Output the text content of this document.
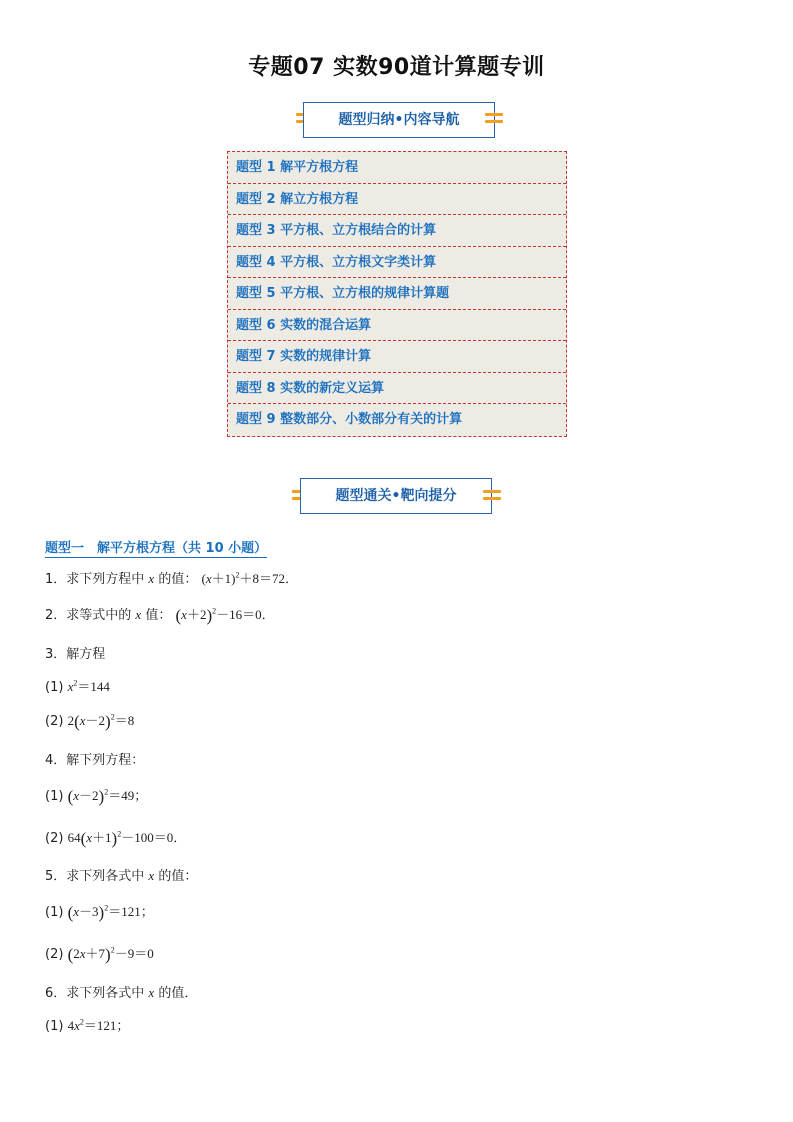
专题07 实数90道计算题专训
题型归纳•内容导航
题型 1 解平方根方程
题型 2 解立方根方程
题型 3 平方根、立方根结合的计算
题型 4 平方根、立方根文字类计算
题型 5 平方根、立方根的规律计算题
题型 6 实数的混合运算
题型 7 实数的规律计算
题型 8 实数的新定义运算
题型 9 整数部分、小数部分有关的计算
题型通关•靶向提分
题型一　解平方根方程（共 10 小题）
1．求下列方程中 x 的值： $(x+1)^2+8=72$．
2．求等式中的 x 值： $(x+2)^2-16=0$．
3．解方程
(1) $x^2=144$
(2) $2(x-2)^2=8$
4．解下列方程：
(1) $(x-2)^2=49$；
(2) $64(x+1)^2-100=0$．
5．求下列各式中 x 的值：
(1) $(x-3)^2=121$；
(2) $(2x+7)^2-9=0$
6．求下列各式中 x 的值．
(1) $4x^2=121$；
